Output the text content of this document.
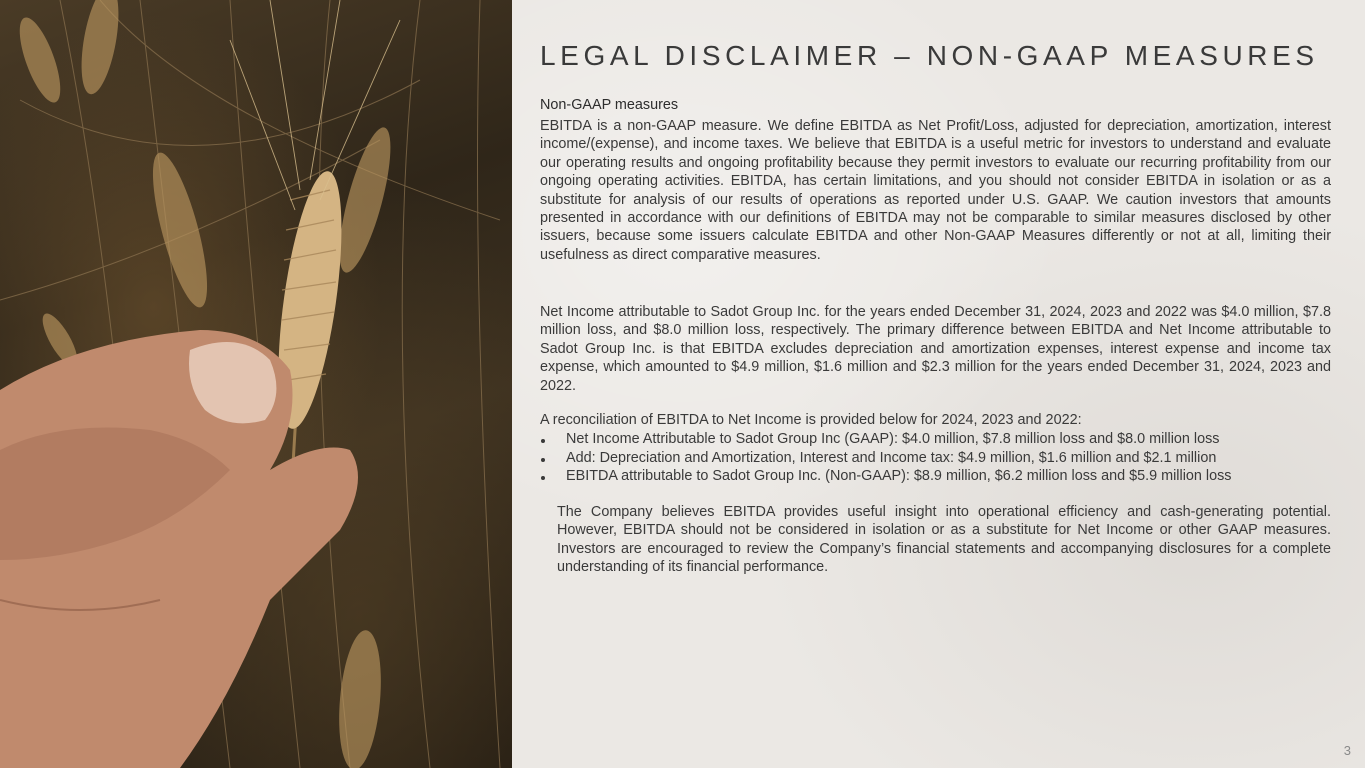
LEGAL DISCLAIMER – NON-GAAP MEASURES
Non-GAAP measures
EBITDA is a non-GAAP measure. We define EBITDA as Net Profit/Loss, adjusted for depreciation, amortization, interest income/(expense), and income taxes. We believe that EBITDA is a useful metric for investors to understand and evaluate our operating results and ongoing profitability because they permit investors to evaluate our recurring profitability from our ongoing operating activities. EBITDA, has certain limitations, and you should not consider EBITDA in isolation or as a substitute for analysis of our results of operations as reported under U.S. GAAP. We caution investors that amounts presented in accordance with our definitions of EBITDA may not be comparable to similar measures disclosed by other issuers, because some issuers calculate EBITDA and other Non-GAAP Measures differently or not at all, limiting their usefulness as direct comparative measures.
Net Income attributable to Sadot Group Inc. for the years ended December 31, 2024, 2023 and 2022 was $4.0 million, $7.8 million loss, and $8.0 million loss, respectively. The primary difference between EBITDA and Net Income attributable to Sadot Group Inc. is that EBITDA excludes depreciation and amortization expenses, interest expense and income tax expense, which amounted to $4.9 million, $1.6 million and $2.3 million for the years ended December 31, 2024, 2023 and 2022.
A reconciliation of EBITDA to Net Income is provided below for 2024, 2023 and 2022:
Net Income Attributable to Sadot Group Inc (GAAP): $4.0 million, $7.8 million loss and $8.0 million loss
Add: Depreciation and Amortization, Interest and Income tax: $4.9 million, $1.6 million and $2.1 million
EBITDA attributable to Sadot Group Inc. (Non-GAAP): $8.9 million, $6.2 million loss and $5.9 million loss
The Company believes EBITDA provides useful insight into operational efficiency and cash-generating potential. However, EBITDA should not be considered in isolation or as a substitute for Net Income or other GAAP measures. Investors are encouraged to review the Company’s financial statements and accompanying disclosures for a complete understanding of its financial performance.
3
